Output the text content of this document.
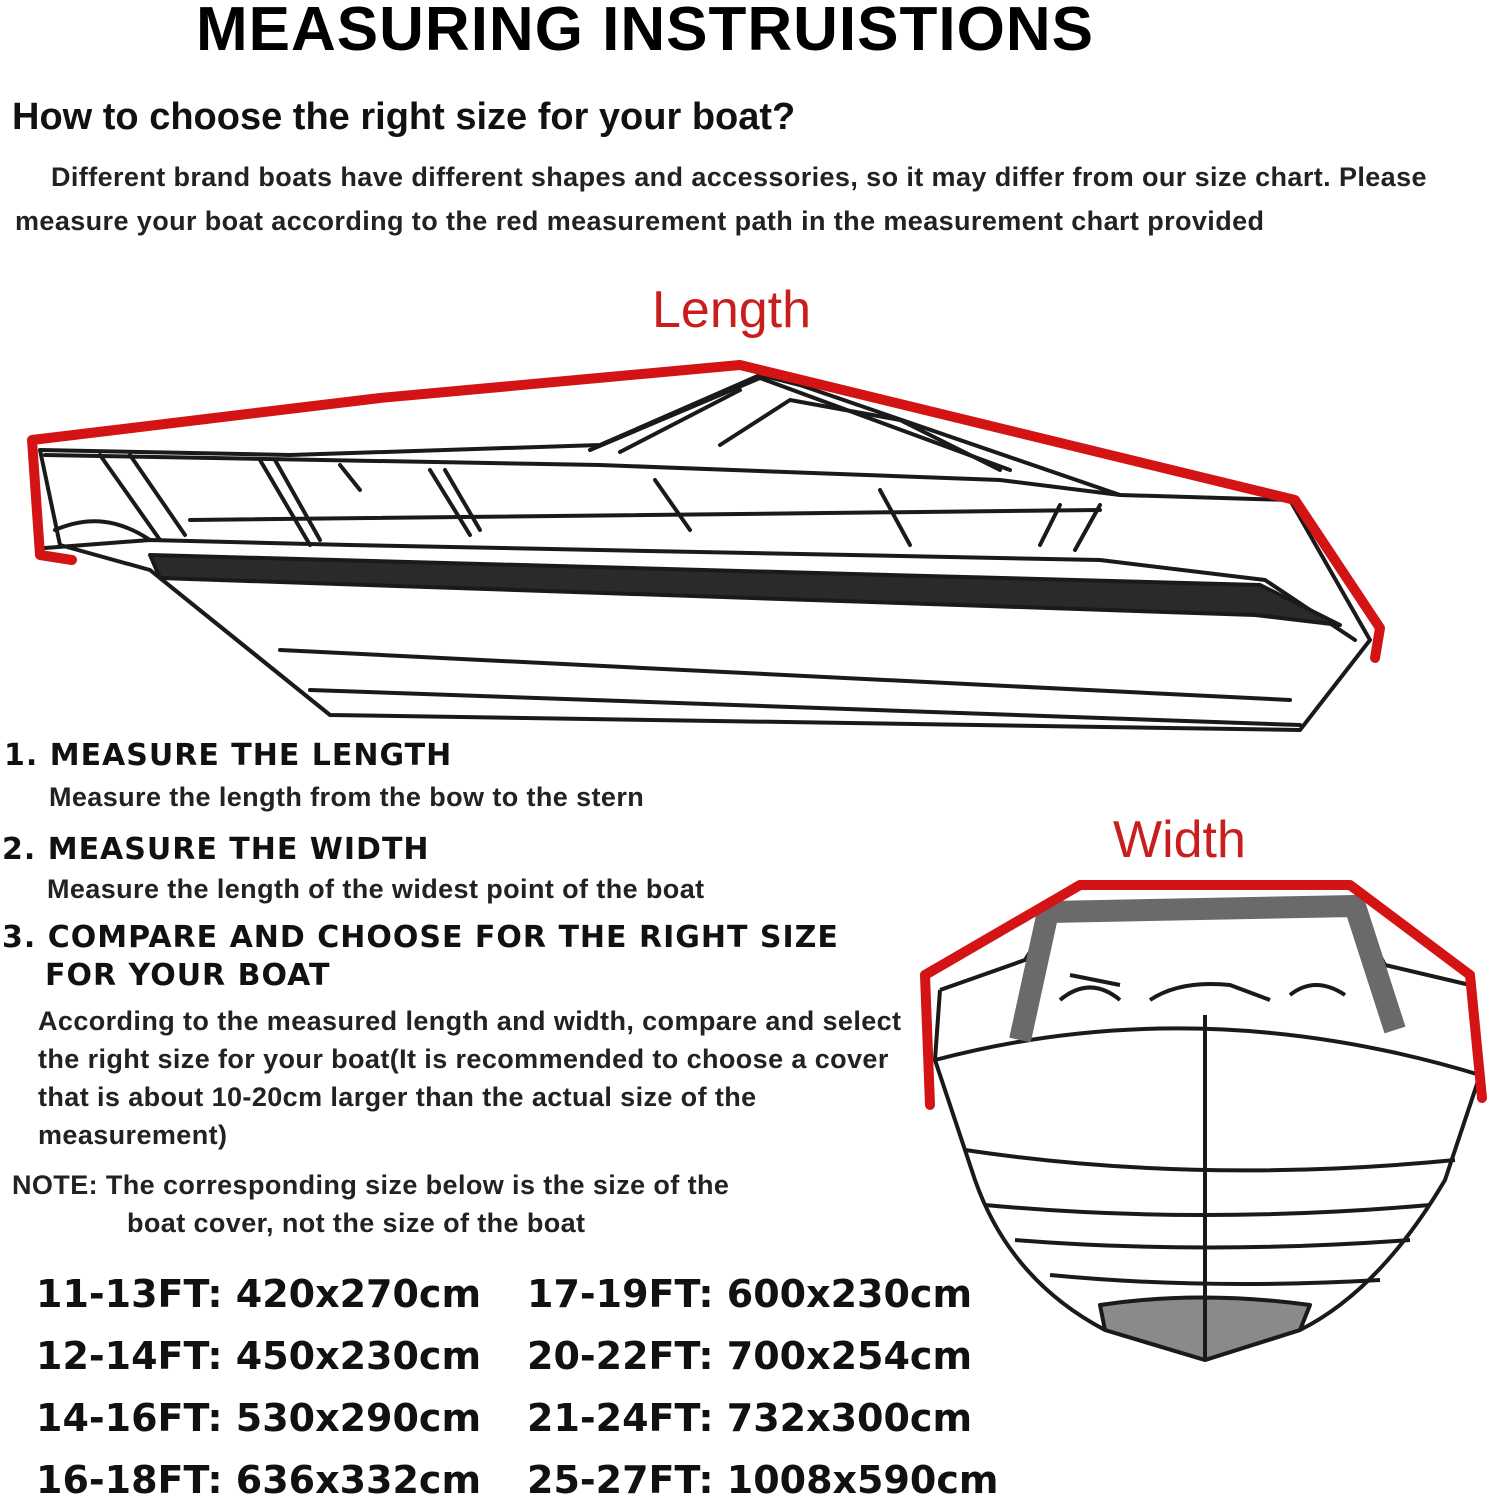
MEASURING INSTRUISTIONS
How to choose the right size for your boat?
Different brand boats have different shapes and accessories, so it may differ from our size chart. Please measure your boat according to the red measurement path in the measurement chart provided
Length
Width
1. MEASURE THE LENGTH
Measure the length from the bow to the stern
2. MEASURE THE WIDTH
Measure the length of the widest point of the boat
3. COMPARE AND CHOOSE FOR THE RIGHT SIZE
FOR YOUR BOAT
According to the measured length and width, compare and select the right size for your boat(It is recommended to choose a cover that is about 10-20cm larger than the actual size of the measurement)
NOTE: The corresponding size below is the size of the
boat cover, not the size of the boat
11-13FT: 420x270cm
12-14FT: 450x230cm
14-16FT: 530x290cm
16-18FT: 636x332cm
17-19FT: 600x230cm
20-22FT: 700x254cm
21-24FT: 732x300cm
25-27FT: 1008x590cm
